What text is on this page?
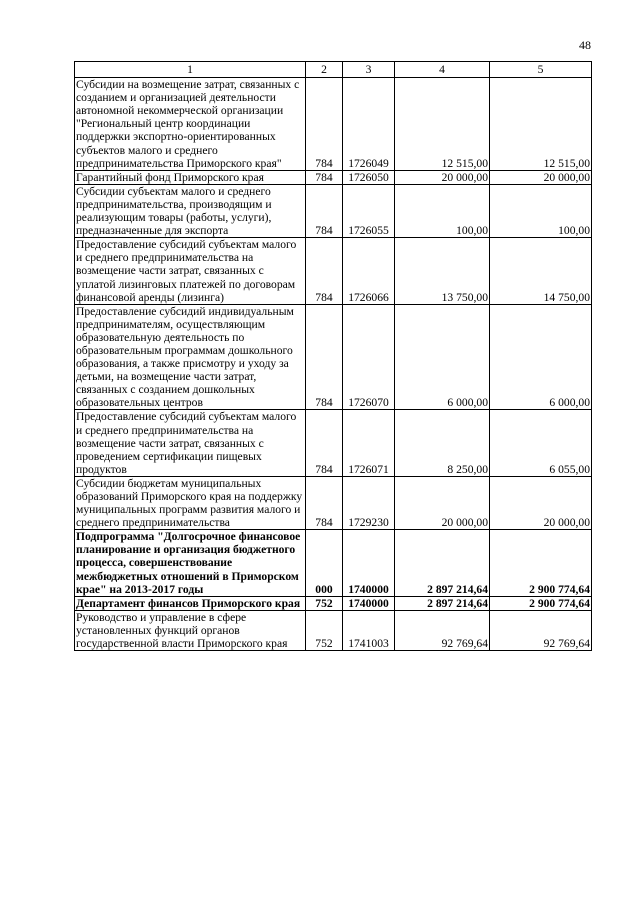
48
1	2	3	4	5
Субсидии на возмещение затрат, связанных с созданием и организацией деятельности автономной некоммерческой организации "Региональный центр координации поддержки экспортно-ориентированных субъектов малого и среднего предпринимательства Приморского края"	784	1726049	12 515,00	12 515,00
Гарантийный фонд Приморского края	784	1726050	20 000,00	20 000,00
Субсидии субъектам малого и среднего предпринимательства, производящим и реализующим товары (работы, услуги), предназначенные для экспорта	784	1726055	100,00	100,00
Предоставление субсидий субъектам малого и среднего предпринимательства на возмещение части затрат, связанных с уплатой лизинговых платежей по договорам финансовой аренды (лизинга)	784	1726066	13 750,00	14 750,00
Предоставление субсидий индивидуальным предпринимателям, осуществляющим образовательную деятельность по образовательным программам дошкольного образования, а также присмотру и уходу за детьми, на возмещение части затрат, связанных с созданием дошкольных образовательных центров	784	1726070	6 000,00	6 000,00
Предоставление субсидий субъектам малого и среднего предпринимательства на возмещение части затрат, связанных с проведением сертификации пищевых продуктов	784	1726071	8 250,00	6 055,00
Субсидии бюджетам муниципальных образований Приморского края на поддержку муниципальных программ развития малого и среднего предпринимательства	784	1729230	20 000,00	20 000,00
Подпрограмма "Долгосрочное финансовое планирование и организация бюджетного процесса, совершенствование межбюджетных отношений в Приморском крае" на 2013-2017 годы	000	1740000	2 897 214,64	2 900 774,64
Департамент финансов Приморского края	752	1740000	2 897 214,64	2 900 774,64
Руководство и управление в сфере установленных функций органов государственной власти Приморского края	752	1741003	92 769,64	92 769,64
